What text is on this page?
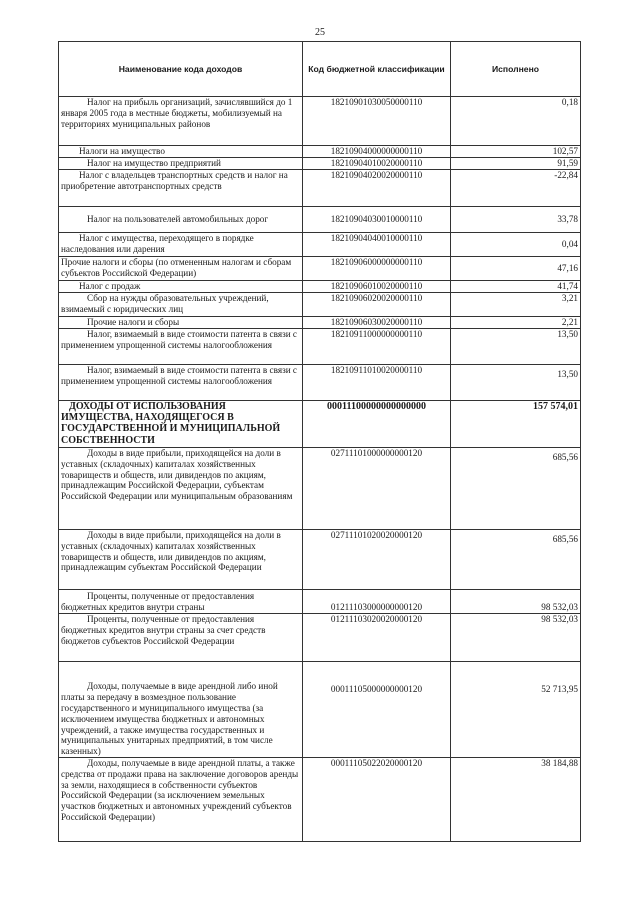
25
Наименование кода доходов	Код бюджетной классификации	Исполнено
Налог на прибыль организаций, зачислявшийся до 1 января 2005 года в местные бюджеты, мобилизуемый на территориях муниципальных районов	18210901030050000110	0,18
Налоги на имущество	18210904000000000110	102,57
Налог на имущество предприятий	18210904010020000110	91,59
Налог с владельцев транспортных средств и налог на приобретение автотранспортных средств	18210904020020000110	-22,84
Налог на пользователей автомобильных дорог	18210904030010000110	33,78
Налог с имущества, переходящего в порядке наследования или дарения	18210904040010000110	0,04
Прочие налоги и сборы (по отмененным налогам и сборам субъектов Российской Федерации)	18210906000000000110	47,16
Налог с продаж	18210906010020000110	41,74
Сбор на нужды образовательных учреждений, взимаемый с юридических лиц	18210906020020000110	3,21
Прочие налоги и сборы	18210906030020000110	2,21
Налог, взимаемый в виде стоимости патента в связи с применением упрощенной системы налогообложения	18210911000000000110	13,50
Налог, взимаемый в виде стоимости патента в связи с применением упрощенной системы налогообложения	18210911010020000110	13,50
ДОХОДЫ ОТ ИСПОЛЬЗОВАНИЯ ИМУЩЕСТВА, НАХОДЯЩЕГОСЯ В ГОСУДАРСТВЕННОЙ И МУНИЦИПАЛЬНОЙ СОБСТВЕННОСТИ	00011100000000000000	157 574,01
Доходы в виде прибыли, приходящейся на доли в уставных (складочных) капиталах хозяйственных товариществ и обществ, или дивидендов по акциям, принадлежащим Российской Федерации, субъектам Российской Федерации или муниципальным образованиям	02711101000000000120	685,56
Доходы в виде прибыли, приходящейся на доли в уставных (складочных) капиталах хозяйственных товариществ и обществ, или дивидендов по акциям, принадлежащим субъектам Российской Федерации	02711101020020000120	685,56
Проценты, полученные от предоставления бюджетных кредитов внутри страны	01211103000000000120	98 532,03
Проценты, полученные от предоставления бюджетных кредитов внутри страны за счет средств бюджетов субъектов Российской Федерации	01211103020020000120	98 532,03
Доходы, получаемые в виде арендной либо иной платы за передачу в возмездное пользование государственного и муниципального имущества (за исключением имущества бюджетных и автономных учреждений, а также имущества государственных и муниципальных унитарных предприятий, в том числе казенных)	00011105000000000120	52 713,95
Доходы, получаемые в виде арендной платы, а также средства от продажи права на заключение договоров аренды за земли, находящиеся в собственности субъектов Российской Федерации (за исключением земельных участков бюджетных и автономных учреждений субъектов Российской Федерации)	00011105022020000120	38 184,88
